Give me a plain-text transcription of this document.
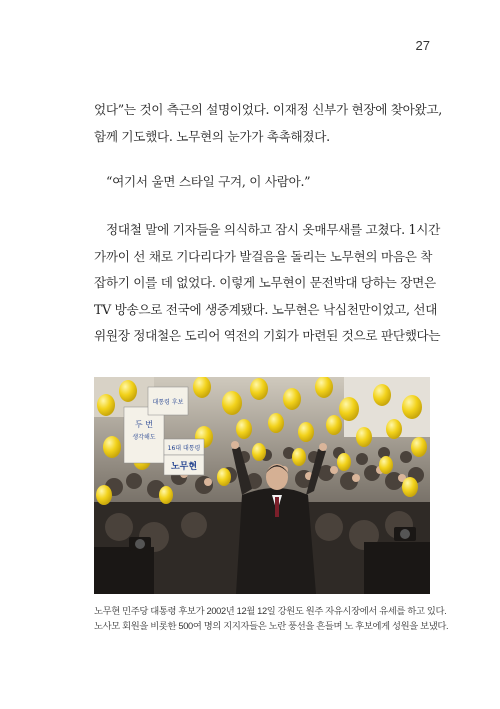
27
었다”는 것이 측근의 설명이었다. 이재정 신부가 현장에 찾아왔고,
함께 기도했다. 노무현의 눈가가 촉촉해졌다.
“여기서 울면 스타일 구겨, 이 사람아.”
정대철 말에 기자들을 의식하고 잠시 옷매무새를 고쳤다. 1시간
가까이 선 채로 기다리다가 발걸음을 돌리는 노무현의 마음은 착
잡하기 이를 데 없었다. 이렇게 노무현이 문전박대 당하는 장면은
TV 방송으로 전국에 생중계됐다. 노무현은 낙심천만이었고, 선대
위원장 정대철은 도리어 역전의 기회가 마련된 것으로 판단했다는
두 번
생각해도
대통령 후보
16대 대통령
노무현
노무현 민주당 대통령 후보가 2002년 12월 12일 강원도 원주 자유시장에서 유세를 하고 있다.
노사모 회원을 비롯한 500여 명의 지지자들은 노란 풍선을 흔들며 노 후보에게 성원을 보냈다.
